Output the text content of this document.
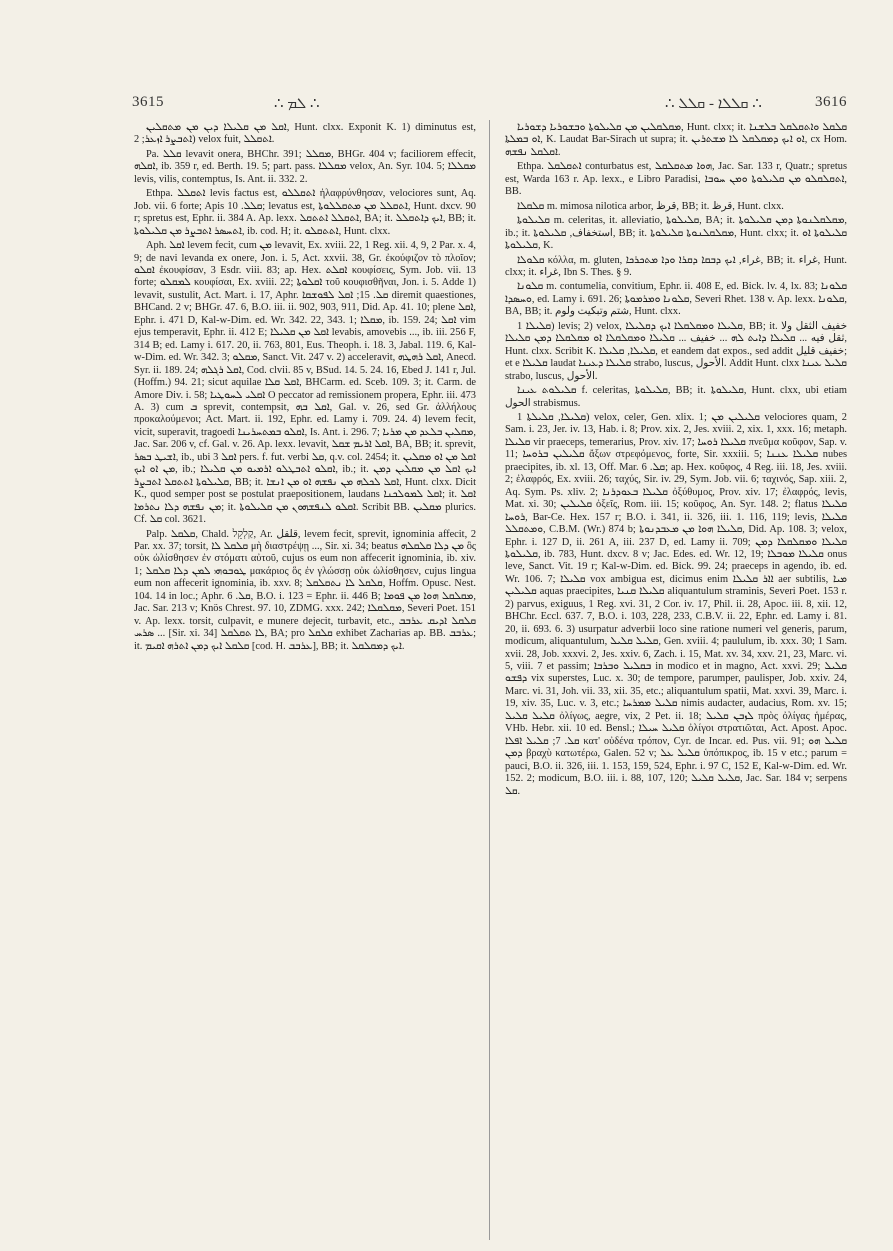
3615	∴ ܠܡ ∴	∴ ܩܠܠܐ - ܩܠܠ ∴	3616

ܐܩܠ ܡܢ ܩܠܝܠܐ ܕܝܢ ܡܢ ܡܬܩܠܝܢ, Hunt. clxx. Exponit K. 1) diminutus est, ܐܬܒܨܪ ܐܙܥܪ; 2) velox fuit, ܐܬܩܠܠ.

Pa. ܩܠܠ levavit onera, BHChr. 391; ܡܩܠܠ, BHGr. 404 v; faciliorem effecit, ܐܩܠܗ, ib. 359 r, ed. Berth. 19. 5; part. pass. ܡܩܠܠܐ velox, An. Syr. 104. 5; ܡܩܠܠܐ levis, vilis, contemptus, Is. Ant. ii. 332. 2.

Ethpa. ܐܬܩܠܠ levis factus est, ܐܬܩܠܠܘ ἠλαφρύνθησαν, velociores sunt, Aq. Job. vii. 6 forte; Apis ܩܠܠ. 10; levatus est, ܐܬܩܠܠ ܡܢ ܡܬܩܠܠܘܬܐ, Hunt. dxcv. 90 r; spretus est, Ephr. ii. 384 A. Ap. lexx. ܐܬܩܠܠ ܐܬܬܩܠ, BA; it. ܐܝܟ ܕܐܬܩܠܠ, BB; it. ܐܬܚܣܪ ܐܬܒܨܪ ܡܢ ܩܠܝܠܘܬܐ, ib. cod. H; it. ܐܬܬܩܠܘ, Hunt. clxx.

Aph. ܐܩܠ levem fecit, cum ܡܢ levavit, Ex. xviii. 22, 1 Reg. xii. 4, 9, 2 Par. x. 4, 9; de navi levanda ex onere, Jon. i. 5, Act. xxvii. 38, Gr. ἐκούφιζον τὸ πλοῖον; ܐܩܠܘ ἐκουφίσαν, 3 Esdr. viii. 83; ap. Hex. ܐܩܠܬ κουφίσεις, Sym. Job. vii. 13 forte; ܠܡܩܠܘ κουφίσαι, Ex. xviii. 22; ܐܩܠܘܬܐ τοῦ κουφισθῆναι, Jon. i. 5. Adde 1) levavit, sustulit, Act. Mart. i. 17, Aphr. ܩܠ. 15; ܐܩܠ ܠܦܘܫܩܐ diremit quaestiones, BHCand. 2 v; BHGr. 47. 6, B.O. iii. ii. 902, 903, 911, Did. Ap. 41. 10; plene ܐܩܠ, Ephr. i. 471 D, Kal-w-Dim. ed. Wr. 342. 22, 343. 1; ܡܩܠܐ, ib. 159. 24; ܐܩܠ vim ejus temperavit, Ephr. ii. 412 E; ܐܩܠ ܡܢ ܩܠܝܠܐ levabis, amovebis ..., ib. iii. 256 F, 314 B; ed. Lamy i. 617. 20, ii. 763, 801, Eus. Theoph. i. 18. 3, Jabal. 119. 6, Kal-w-Dim. ed. Wr. 342. 3; ܡܩܠܘ, Sanct. Vit. 247 v. 2) acceleravit, ܐܩܠ ܪܗܛܗ, Anecd. Syr. ii. 189. 24; ܐܩܠ ܪܓܠܗ, Cod. clvii. 85 v, BSud. 14. 5. 24. 16, Ebed J. 141 r, Jul. (Hoffm.) 94. 21; sicut aquilae ܐܩܠ ܩܠܐ, BHCarm. ed. Sceb. 109. 3; it. Carm. de Amore Div. i. 58; ܐܩܠܝ ܠܚܘܛܝܐ O peccator ad remissionem propera, Ephr. iii. 473 A. 3) cum ܒ sprevit, contempsit, ܐܩܠ ܒܗ, Gal. v. 26, sed Gr. ἀλλήλους προκαλούμενοι; Act. Mart. ii. 192, Ephr. ed. Lamy i. 709. 24. 4) levem fecit, vicit, superavit, tragoedi ܐܩܠܘ ܒܡܬܚܪܝܢܐ, Is. Ant. i. 296. 7; ܡܩܠܝܢ ܒܠܥܕ ܡܢ ܡܪܝܐ, Jac. Sar. 206 v, cf. Gal. v. 26. Ap. lexx. levavit, ܐܩܠ ܐܪܝܡ ܫܩܠ, BA, BB; it. sprevit, ܐܫܝܛ ܒܣܪ, ib., ubi ܐܩܠ 3 pers. f. fut. verbi ܩܠ, q.v. col. 2454; it. ܐܩܠ ܡܢ ܐܘ ܡܩܠܝܢ ܡܢ ܐܘ ܐܝܟ, ib.; ܐܩܠܘ ܐܬܒܛܠܘ ܐܪܡܝܘ ܡܢ ܩܠܝܠܐ, ib.; it. ܐܝܟ ܐܩܠ ܡܢ ܡܩܠܝܢ ܕܡܢ ܩܠܝܠܘܬܐ ܐܬܬܩܠ ܐܬܒܨܪ, BB; it. ܐܩܠ ܠܟܠܗ ܡܢ ܢܦܫܗ ܐܘ ܡܢ ܐܢܫܐ, Hunt. clxx. Dicit K., quod semper post se postulat praepositionem, laudans ܐܩܠ ܠܡܘܠܟܢܐ; it. ܐܩܠ ܡܢ ܢܦܫܗ ܕܠܐ ܢܬܪܡܐ; it. ܐܩܠܘ ܠܢܦܫܗܘܢ ܡܢ ܩܠܝܠܘܬܐ. Scribit BB. ܡܩܠܝܢ plurics. Cf. ܩܠ col. 3621.

Palp. ܩܠܩܠ, Chald. קַלְקֵל, Ar. قلقل, levem fecit, sprevit, ignominia affecit, 2 Par. xx. 37; torsit, ܩܠܩܠ ܠܐ μὴ διαστρέψῃ ..., Sir. xi. 34; beatus ܡܢ ܕܠܐ ܩܠܩܠܗ ὃς οὐκ ὠλίσθησεν ἐν στόματι αὐτοῦ, cujus os eum non affecerit ignominia, ib. xiv. 1; ܛܘܒܘܗܝ ܠܡܢ ܕܠܐ ܩܠܩܠ μακάριος ὃς ἐν γλώσσῃ οὐκ ὠλίσθησεν, cujus lingua eum non affecerit ignominia, ib. xxv. 8; ܩܠܩܠ ܠܐ ܢܬܩܠܩܠ, Hoffm. Opusc. Nest. 104. 14 in loc.; Aphr. ܩܠ. 6, B.O. i. 123 = Ephr. ii. 446 B; ܡܩܠܩܠ ܗܘܐ ܡܢ ܦܘܡܐ, Jac. Sar. 213 v; Knös Chrest. 97. 10, ZDMG. xxx. 242; ܡܩܠܩܠܐ, Severi Poet. 151 v. Ap. lexx. torsit, culpavit, e munere dejecit, turbavit, etc., ܩܠܩܠ ܐܕܝܩ ܥܪܒܒ ܣܪܚ ... [Sir. xi. 34] ܠܐ ܬܩܠܩܠ, BA; pro ܩܠܩܠ exhibet Zacharias ap. BB. ܥܪܒܒ; it. ܩܠܩܠ ܐܝܟ ܕܡܢ ܐܬܪܗ ܐܩܝܡ [cod. H. ܥܪܒܒ], BB; it. ܐܝܟ ܕܡܩܠܩܠ.

ܡܩܠܩܠܝܢ ܡܢ ܩܠܝܠܘܬܐ ܘܒܫܘܪܝܐ ܕܫܘܪܝܐ, Hunt. clxx; it. ܩܠܩܠ ܘܐܬܩܠܩܠ ܒܠܫܢܐ ܐܘ ܒܡܠܬܐ, K. Laudat Bar-Sirach ut supra; it. ܐܘ ܐܝܟ ܕܡܩܠܩܠ ܠܐ ܡܫܬܪܝܢ, cx Hom. ܐܩܠܩܠ ܢܦܫܗ.

Ethpa. ܐܬܩܠܩܠ conturbatus est, ܗܘܐ ܡܬܩܠܩܠ, Jac. Sar. 133 r, Quatr.; spretus est, Warda 163 r. Ap. lexx., e Libro Paradisi, ܐܬܩܠܩܠܘ ܡܢ ܩܠܝܠܘܬܐ ܘܡܢ ܚܘܒܐ, BB.

ܩܠܩܠܐ m. mimosa nilotica arbor, قرظ, BB; it. قرظ, Hunt. clxx.

ܩܠܝܠܘܬܐ m. celeritas, it. alleviatio, ܩܠܝܠܘܬܐ, BA; it. ܡܩܠܩܠܢܘܬܐ ܕܡܢ ܩܠܝܠܘܬܐ, ib.; it. استخفاف, ܩܠܝܠܘܬܐ, BB; it. ܡܩܠܩܠܢܘܬܐ ܩܠܝܠܘܬܐ, Hunt. clxx; it. ܩܠܝܠܘܬܐ ܐܘ ܩܠܝܠܘܬܐ, K.

ܩܠܘܠܐ κόλλα, m. gluten, غراء, ܐܝܟ ܕܒܩܐ ܕܩܪܐ ܘܕܐ ܡܬܟܪܟܐ, BB; it. غراء, Hunt. clxx; it. غراء, Ibn S. Thes. § 9.

ܩܠܘܢܐ m. contumelia, convitium, Ephr. ii. 408 E, ed. Bick. lv. 4, lx. 83; ܩܠܘܢܐ ܘܚܣܕܐ, ed. Lamy i. 691. 26; ܩܠܘܢܐ ܘܡܪܡܘܬܐ, Severi Rhet. 138 v. Ap. lexx. ܩܠܘܢܐ, BA, BB; it. شتم وتبكيت ولوم, Hunt. clxx.

ܩܠܝܠܐ 1) levis; 2) velox, ܩܠܝܠܐ ܘܡܩܠܩܠܐ ܐܝܟ ܕܩܠܝܠܐ, BB; it. خفيف الثقل ولا ثقل فيه ... ܩܠܝܠܐ ܕܐܝܬ ܠܗ ... خفيف ... ܩܠܝܠܐ ܘܡܩܠܩܠܐ ܐܘ ܡܩܠܩܠܐ ܕܡܢ ܩܠܝܠܐ, Hunt. clxx. Scribit K. ܩܠܝܠܐ, ܩܠܝܠܐ, et eandem dat expos., sed addit خفيف قليل; et e ܩܠܝܠܐ laudat ܩܠܝܠܐ ܕܥܝܢܐ strabo, luscus, الأحول. Addit Hunt. clxx ܩܠܝܠ ܥܝܢܐ strabo, luscus, الأحول.

ܩܠܝܠܘܬ ܥܝܢܐ f. celeritas, ܩܠܝܠܘܬܐ, BB; it. ܩܠܝܠܘܬܐ, Hunt. clxx, ubi etiam الحول strabismus.

ܩܠܝܠܐ, ܩܠܝܠܬܐ 1) velox, celer, Gen. xlix. 1; ܩܠܝܠܝܢ ܡܢ velociores quam, 2 Sam. i. 23, Jer. iv. 13, Hab. i. 8; Prov. xix. 2, Jes. xviii. 2, xix. 1, xxx. 16; metaph. ܩܠܝܠܐ vir praeceps, temerarius, Prov. xiv. 17; ܩܠܝܠܐ ܪܘܚܐ πνεῦμα κοῦφον, Sap. v. 11; ܩܠܝܠܝܢ ܒܪܘܚܐ ἄξων στρεφόμενος, forte, Sir. xxxiii. 5; ܩܠܝܠܐ ܥܢܢܐ nubes praecipites, ib. xl. 13, Off. Mar. ܩܠ. 6; ap. Hex. κοῦφος, 4 Reg. iii. 18, Jes. xviii. 2; ἐλαφρός, Ex. xviii. 26; ταχύς, Sir. iv. 29, Sym. Job. vii. 6; ταχινός, Sap. xiii. 2, Aq. Sym. Ps. xliv. 2; ܩܠܝܠܐ ܒܥܘܕܪܢܐ ὀξύθυμος, Prov. xiv. 17; ἐλαφρός, levis, Mat. xi. 30; ܩܠܝܠܝܢ ὀξεῖς, Rom. iii. 15; κοῦφος, An. Syr. 148. 2; flatus ܩܠܝܠܐ ܪܘܚܐ, Bar-Ce. Hex. 157 r; B.O. i. 341, ii. 326, iii. 1. 116, 119; levis, ܩܠܝܠܐ ܘܡܬܩܠܠ, C.B.M. (Wr.) 874 b; ܩܠܝܠܐ ܗܘܐ ܡܢ ܡܥܒܕܢܘܬܐ, Did. Ap. 108. 3; velox, Ephr. i. 127 D, ii. 261 A, iii. 237 D, ed. Lamy ii. 709; ܩܠܝܠܐ ܘܡܩܠܩܠܐ ܕܡܢ ܩܠܝܠܘܬܐ, ib. 783, Hunt. dxcv. 8 v; Jac. Edes. ed. Wr. 12, 19; ܩܠܝܠܐ ܡܘܒܠܐ onus leve, Sanct. Vit. 19 r; Kal-w-Dim. ed. Bick. 99. 24; praeceps in agendo, ib. ed. Wr. 106. 7; ܩܠܝܠܐ vox ambigua est, dicimus enim ܐܐܪ ܩܠܝܠܐ aer subtilis, ܡܝܐ ܩܠܝܠܝܢ aquas praecipites, ܩܠܝܠܐ ܩܢܝܐ aliquantulum straminis, Severi Poet. 153 r. 2) parvus, exiguus, 1 Reg. xvi. 31, 2 Cor. iv. 17, Phil. ii. 28, Apoc. iii. 8, xii. 12, BHChr. Eccl. 637. 7, B.O. i. 103, 228, 233, C.B.V. ii. 22, Ephr. ed. Lamy i. 81. 20, ii. 693. 6. 3) usurpatur adverbii loco sine ratione numeri vel generis, parum, modicum, aliquantulum, ܩܠܝܠ ܩܠܝܠ, Gen. xviii. 4; paululum, ib. xxx. 30; 1 Sam. xvii. 28, Job. xxxvi. 2, Jes. xxiv. 6, Zach. i. 15, Mat. xv. 34, xxv. 21, 23, Marc. vi. 5, viii. 7 et passim; ܒܩܠܝܠ ܘܒܪܒܐ in modico et in magno, Act. xxvi. 29; ܩܠܝܠ ܕܦܫܘ vix superstes, Luc. x. 30; de tempore, parumper, paulisper, Job. xxiv. 24, Marc. vi. 31, Joh. vii. 33, xii. 35, etc.; aliquantulum spatii, Mat. xxvi. 39, Marc. i. 19, xiv. 35, Luc. v. 3, etc.; ܩܠܝܠ ܡܡܪܚܐ nimis audacter, audacius, Rom. xv. 15; ܩܠܝܠ ܩܠܝܠ ὀλίγως, aegre, vix, 2 Pet. ii. 18; ܠܙܒܢ ܩܠܝܠ πρὸς ὀλίγας ἡμέρας, VHb. Hebr. xii. 10 ed. Bensl.; ܩܠܝܠ ܚܝܠܐ ὀλίγοι στρατιῶται, Act. Apost. Apoc. ܩܠ. 7; ܩܠܝܠ ܐܦܠܐ κατ' οὐδένα τρόπον, Cyr. de Incar. ed. Pus. vii. 91; ܩܠܝܠ ܗܘ ܕܡܢ βραχὺ κατωτέρω, Galen. 52 v; ܩܠܝܠ ܥܠ ὑπόπικρος, ib. 15 v etc.; parum = pauci, B.O. ii. 326, iii. 1. 153, 159, 524, Ephr. i. 97 C, 152 E, Kal-w-Dim. ed. Wr. 152. 2; modicum, B.O. iii. i. 88, 107, 120; ܩܠܝܠ ܩܠܝܠ, Jac. Sar. 184 v; serpens ܩܠ.
